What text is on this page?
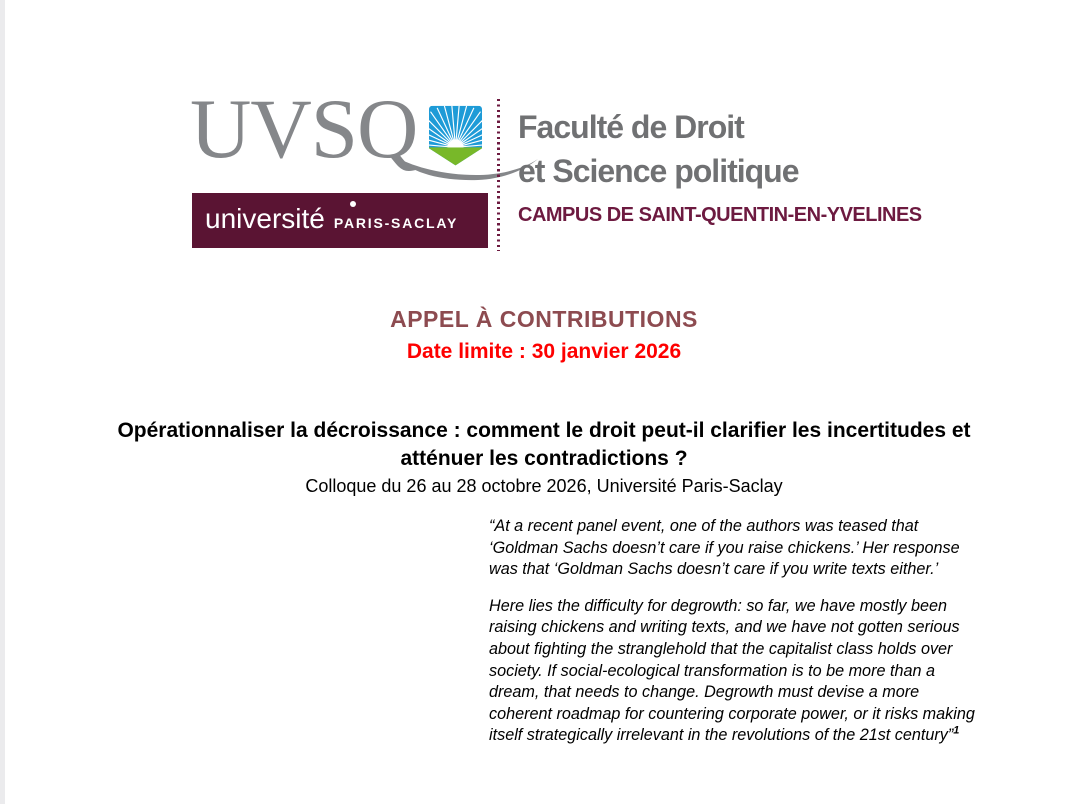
UVSQ
université PARIS-SACLAY
Faculté de Droit
et Science politique
CAMPUS DE SAINT-QUENTIN-EN-YVELINES
APPEL À CONTRIBUTIONS
Date limite : 30 janvier 2026
Opérationnaliser la décroissance : comment le droit peut-il clarifier les incertitudes et atténuer les contradictions ?
Colloque du 26 au 28 octobre 2026, Université Paris-Saclay

“At a recent panel event, one of the authors was teased that ‘Goldman Sachs doesn’t care if you raise chickens.’ Her response was that ‘Goldman Sachs doesn’t care if you write texts either.’

Here lies the difficulty for degrowth: so far, we have mostly been raising chickens and writing texts, and we have not gotten serious about fighting the stranglehold that the capitalist class holds over society. If social-ecological transformation is to be more than a dream, that needs to change. Degrowth must devise a more coherent roadmap for countering corporate power, or it risks making itself strategically irrelevant in the revolutions of the 21st century”$^1$
